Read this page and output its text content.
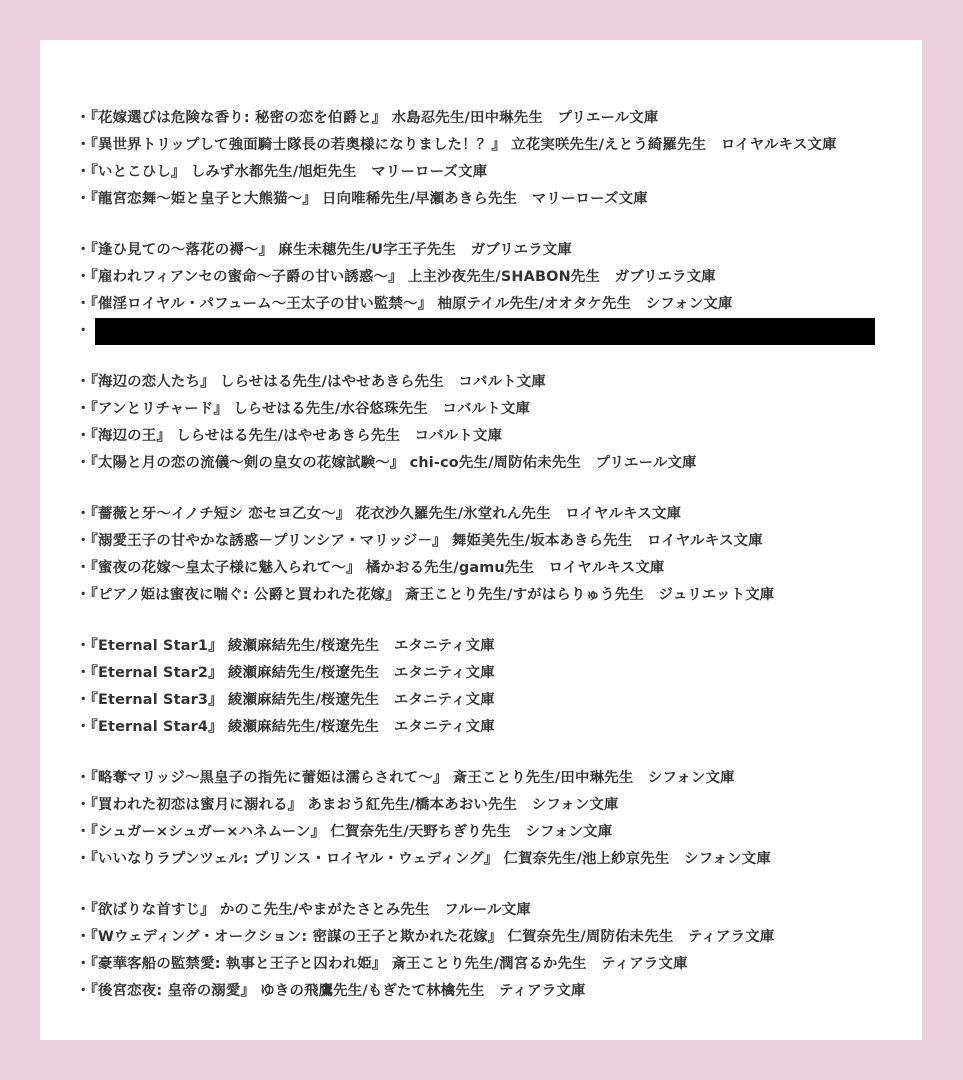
・『花嫁選びは危険な香り: 秘密の恋を伯爵と』 水島忍先生/田中琳先生　プリエール文庫
・『異世界トリップして強面騎士隊長の若奥様になりました！？』 立花実咲先生/えとう綺羅先生　ロイヤルキス文庫
・『いとこひし』 しみず水都先生/旭炬先生　マリーローズ文庫
・『龍宮恋舞〜姫と皇子と大熊猫〜』 日向唯稀先生/早瀬あきら先生　マリーローズ文庫
・『逢ひ見ての〜落花の褥〜』 麻生未穂先生/U字王子先生　ガブリエラ文庫
・『雇われフィアンセの蜜命〜子爵の甘い誘惑〜』 上主沙夜先生/SHABON先生　ガブリエラ文庫
・『催淫ロイヤル・パフューム〜王太子の甘い監禁〜』 柚原テイル先生/オオタケ先生　シフォン文庫
・
・『海辺の恋人たち』 しらせはる先生/はやせあきら先生　コバルト文庫
・『アンとリチャード』 しらせはる先生/水谷悠珠先生　コバルト文庫
・『海辺の王』 しらせはる先生/はやせあきら先生　コバルト文庫
・『太陽と月の恋の流儀〜剣の皇女の花嫁試験〜』 chi-co先生/周防佑未先生　プリエール文庫
・『薔薇と牙〜イノチ短シ 恋セヨ乙女〜』 花衣沙久羅先生/氷堂れん先生　ロイヤルキス文庫
・『溺愛王子の甘やかな誘惑－プリンシア・マリッジ－』 舞姫美先生/坂本あきら先生　ロイヤルキス文庫
・『蜜夜の花嫁〜皇太子様に魅入られて〜』 橘かおる先生/gamu先生　ロイヤルキス文庫
・『ピアノ姫は蜜夜に喘ぐ: 公爵と買われた花嫁』 斎王ことり先生/すがはらりゅう先生　ジュリエット文庫
・『Eternal Star1』 綾瀬麻結先生/桜遼先生　エタニティ文庫
・『Eternal Star2』 綾瀬麻結先生/桜遼先生　エタニティ文庫
・『Eternal Star3』 綾瀬麻結先生/桜遼先生　エタニティ文庫
・『Eternal Star4』 綾瀬麻結先生/桜遼先生　エタニティ文庫
・『略奪マリッジ〜黒皇子の指先に蕾姫は濡らされて〜』 斎王ことり先生/田中琳先生　シフォン文庫
・『買われた初恋は蜜月に溺れる』 あまおう紅先生/橋本あおい先生　シフォン文庫
・『シュガー×シュガー×ハネムーン』 仁賀奈先生/天野ちぎり先生　シフォン文庫
・『いいなりラプンツェル: プリンス・ロイヤル・ウェディング』 仁賀奈先生/池上紗京先生　シフォン文庫
・『欲ばりな首すじ』 かのこ先生/やまがたさとみ先生　フルール文庫
・『Wウェディング・オークション: 密謀の王子と欺かれた花嫁』 仁賀奈先生/周防佑未先生　ティアラ文庫
・『豪華客船の監禁愛: 執事と王子と囚われ姫』 斎王ことり先生/潤宮るか先生　ティアラ文庫
・『後宮恋夜: 皇帝の溺愛』 ゆきの飛鷹先生/もぎたて林檎先生　ティアラ文庫
